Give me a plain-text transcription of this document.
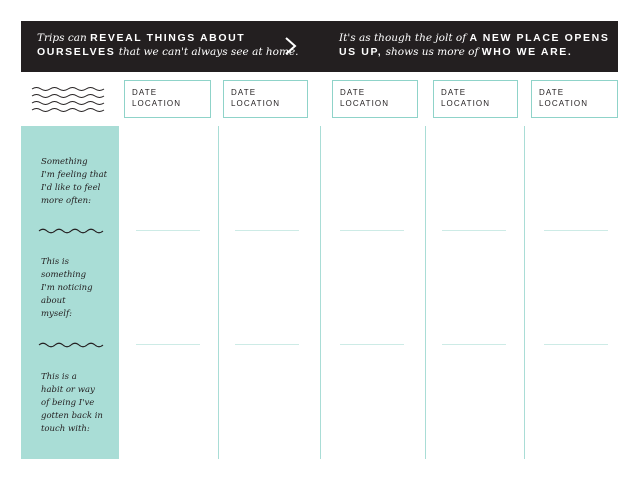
Trips can REVEAL THINGS ABOUT
OURSELVES that we can't always see at home.
It's as though the jolt of A NEW PLACE OPENS
US UP, shows us more of WHO WE ARE.
DATE
LOCATION
DATE
LOCATION
DATE
LOCATION
DATE
LOCATION
DATE
LOCATION
Something
I'm feeling that
I'd like to feel
more often:
This is
something
I'm noticing
about
myself:
This is a
habit or way
of being I've
gotten back in
touch with:
